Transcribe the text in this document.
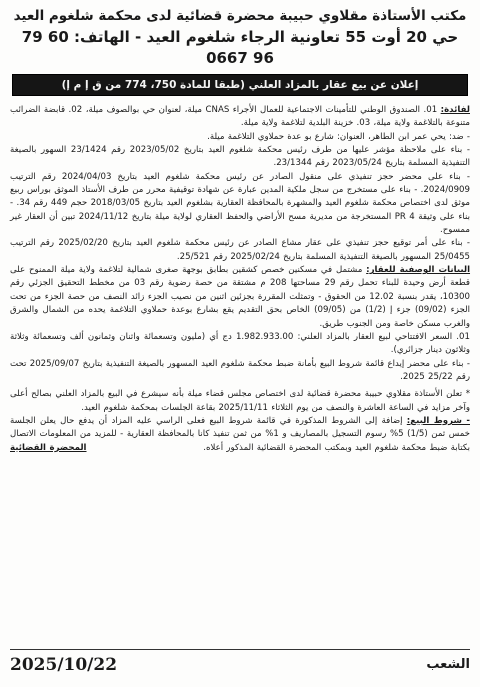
مكتب الأستاذة مقلاوي حبيبة محضرة قضائية لدى محكمة شلغوم العيد
حي 20 أوت 55 تعاونية الرجاء شلغوم العيد - الهاتف: 60 79 96 0667
إعلان عن بيع عقار بالمزاد العلني (طبقا للمادة 750، 774 من ق إ م إ)

لفائدة: 01. الصندوق الوطني للتأمينات الاجتماعية للعمال الأجراء CNAS ميلة، لعنوان حي بوالصوف ميلة، 02. قابضة الضرائب متنوعة بالتلاغمة ولاية ميلة، 03. خزينة البلدية لتلاغمة ولاية ميلة.

- ضد: يحي عمر ابن الطاهر، العنوان: شارع بو عدة حملاوي التلاغمة ميلة.

- بناء على ملاحظة مؤشر عليها من طرف رئيس محكمة شلغوم العيد بتاريخ 2023/05/02 رقم 23/1424 السهور بالصيغة التنفيذية المسلمة بتاريخ 2023/05/24 رقم 23/1344.

- بناء على محضر حجز تنفيذي على منقول الصادر عن رئيس محكمة شلغوم العيد بتاريخ 2024/04/03 رقم الترتيب 2024/0909. - بناء على مستخرج من سجل ملكية المدين عبارة عن شهادة توقيفية محرر من طرف الأستاذ الموثق بوراس ربيع موثق لدى اختصاص محكمة شلغوم العيد والمشهرة بالمحافظة العقارية بشلغوم العيد بتاريخ 2018/03/05 حجم 449 رقم 34. - بناء على وثيقة 4 PR المستخرجة من مديرية مسح الأراضي والحفظ العقاري لولاية ميلة بتاريخ 2024/11/12 تبين أن العقار غير ممسوح.

- بناء على أمر توقيع حجز تنفيذي على عقار مشاع الصادر عن رئيس محكمة شلغوم العيد بتاريخ 2025/02/20 رقم الترتيب 25/0455 المسهور بالصيغة التنفيذية المسلمة بتاريخ 2025/02/24 رقم 25/521.

البيانات الوصفية للعقار: مشتمل في مسكنين خصص كشقين بطابق بوجهة صغرى شمالية لتلاغمة ولاية ميلة الممنوح على قطعة أرض وحيدة للبناء تحمل رقم 29 مساحتها 208 م مشتقة من حصة رضوية رقم 03 من مخطط التحقيق الجزئي رقم 10300، يقدر بنسبة 12.02 من الحقوق - وتمثلت المقررة بجزئين اثنين من نصيب الجزء زائد النصف من حصة الجزء من تحت الجزء (09/02) جزء إ (1/2) من (09/05) الخاص بحق التقديم يقع بشارع بوعدة حملاوي التلاغمة يحده من الشمال والشرق والغرب مسكن خاصة ومن الجنوب طريق.

01. السعر الافتتاحي لبيع العقار بالمزاد العلني: 1.982.933.00 دج أي (مليون وتسعمائة واثنان وثمانون ألف وتسعمائة وثلاثة وثلاثون دينار جزائري).

- بناء على محضر إيداع قائمة شروط البيع بأمانة ضبط محكمة شلغوم العيد المسهور بالصيغة التنفيذية بتاريخ 2025/09/07 تحت رقم 25/22 2025.

* تعلن الأستاذة مقلاوي حبيبة محضرة قضائية لدى اختصاص مجلس قضاء ميلة بأنه سيشرع في البيع بالمزاد العلني بصالح أعلى وآخر مزايد في الساعة العاشرة والنصف من يوم الثلاثاء 2025/11/11 بقاعة الجلسات بمحكمة شلغوم العيد.

- شروط البيع: إضافة إلى الشروط المذكورة في قائمة شروط البيع فعلى الراسي عليه المزاد أن يدفع حال يعلن الجلسة خمس ثمن (1/5) 5% رسوم التسجيل بالمصاريف و 1% من ثمن تنفيذ كانا بالمحافظة العقارية - للمزيد من المعلومات الاتصال بكتابة ضبط محكمة شلغوم العيد وبمكتب المحضرة القضائية المذكور أعلاه.
المحضرة القضائية

2025/10/22	الشعب
